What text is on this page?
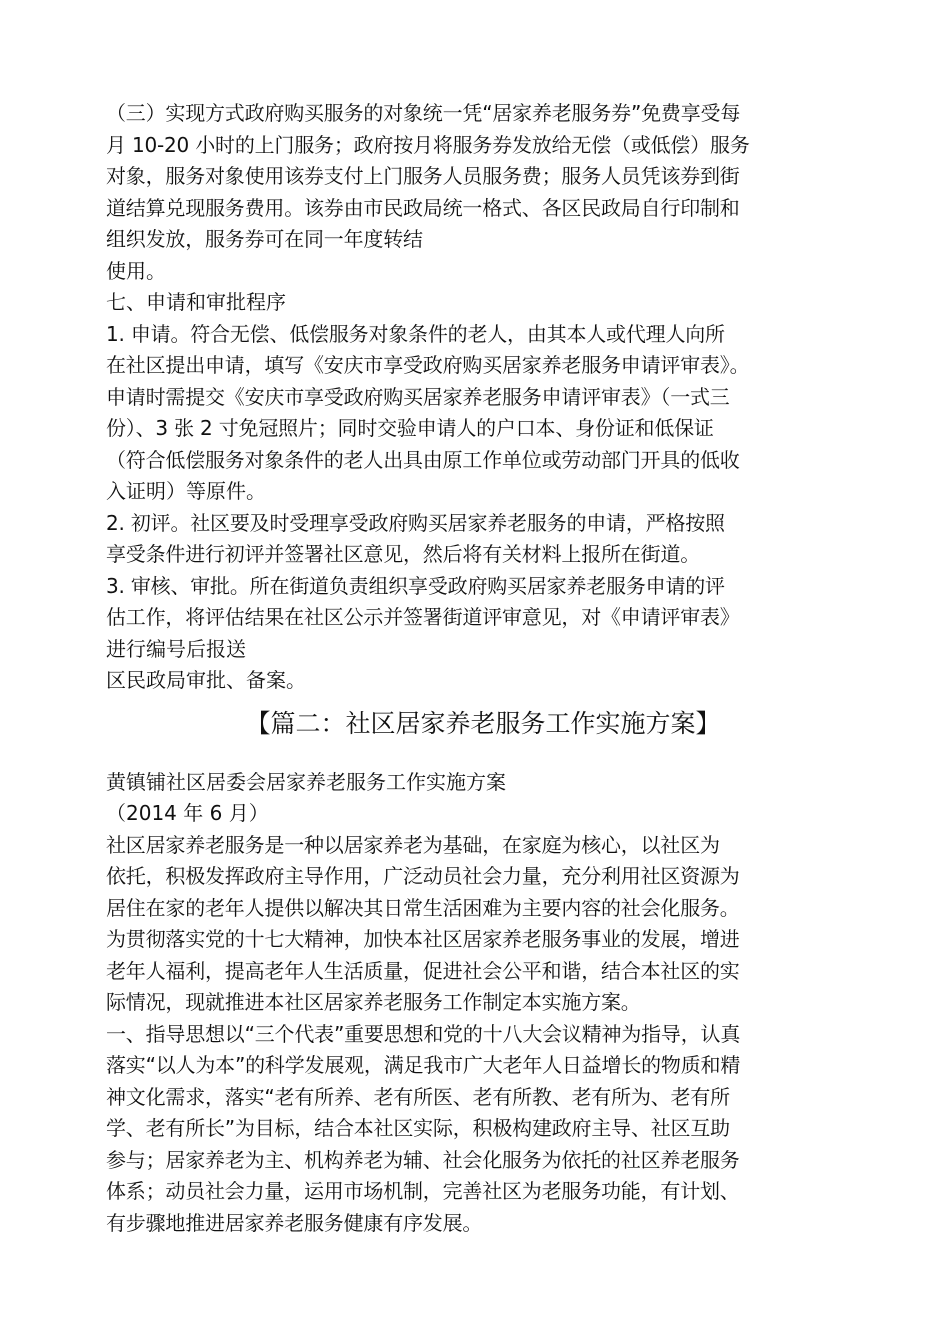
（三）实现方式政府购买服务的对象统一凭“居家养老服务券”免费享受每
月 10-20 小时的上门服务；政府按月将服务券发放给无偿（或低偿）服务
对象，服务对象使用该券支付上门服务人员服务费；服务人员凭该券到街
道结算兑现服务费用。该券由市民政局统一格式、各区民政局自行印制和
组织发放，服务券可在同一年度转结
使用。
七、申请和审批程序
1. 申请。符合无偿、低偿服务对象条件的老人，由其本人或代理人向所
在社区提出申请，填写《安庆市享受政府购买居家养老服务申请评审表》。
申请时需提交《安庆市享受政府购买居家养老服务申请评审表》（一式三
份）、3 张 2 寸免冠照片；同时交验申请人的户口本、身份证和低保证
（符合低偿服务对象条件的老人出具由原工作单位或劳动部门开具的低收
入证明）等原件。
2. 初评。社区要及时受理享受政府购买居家养老服务的申请，严格按照
享受条件进行初评并签署社区意见，然后将有关材料上报所在街道。
3. 审核、审批。所在街道负责组织享受政府购买居家养老服务申请的评
估工作，将评估结果在社区公示并签署街道评审意见，对《申请评审表》
进行编号后报送
区民政局审批、备案。
【篇二：社区居家养老服务工作实施方案】
黄镇铺社区居委会居家养老服务工作实施方案
（2014 年 6 月）
社区居家养老服务是一种以居家养老为基础，在家庭为核心，以社区为
依托，积极发挥政府主导作用，广泛动员社会力量，充分利用社区资源为
居住在家的老年人提供以解决其日常生活困难为主要内容的社会化服务。
为贯彻落实党的十七大精神，加快本社区居家养老服务事业的发展，增进
老年人福利，提高老年人生活质量，促进社会公平和谐，结合本社区的实
际情况，现就推进本社区居家养老服务工作制定本实施方案。
一、指导思想以“三个代表”重要思想和党的十八大会议精神为指导，认真
落实“以人为本”的科学发展观，满足我市广大老年人日益增长的物质和精
神文化需求，落实“老有所养、老有所医、老有所教、老有所为、老有所
学、老有所长”为目标，结合本社区实际，积极构建政府主导、社区互助
参与；居家养老为主、机构养老为辅、社会化服务为依托的社区养老服务
体系；动员社会力量，运用市场机制，完善社区为老服务功能，有计划、
有步骤地推进居家养老服务健康有序发展。
